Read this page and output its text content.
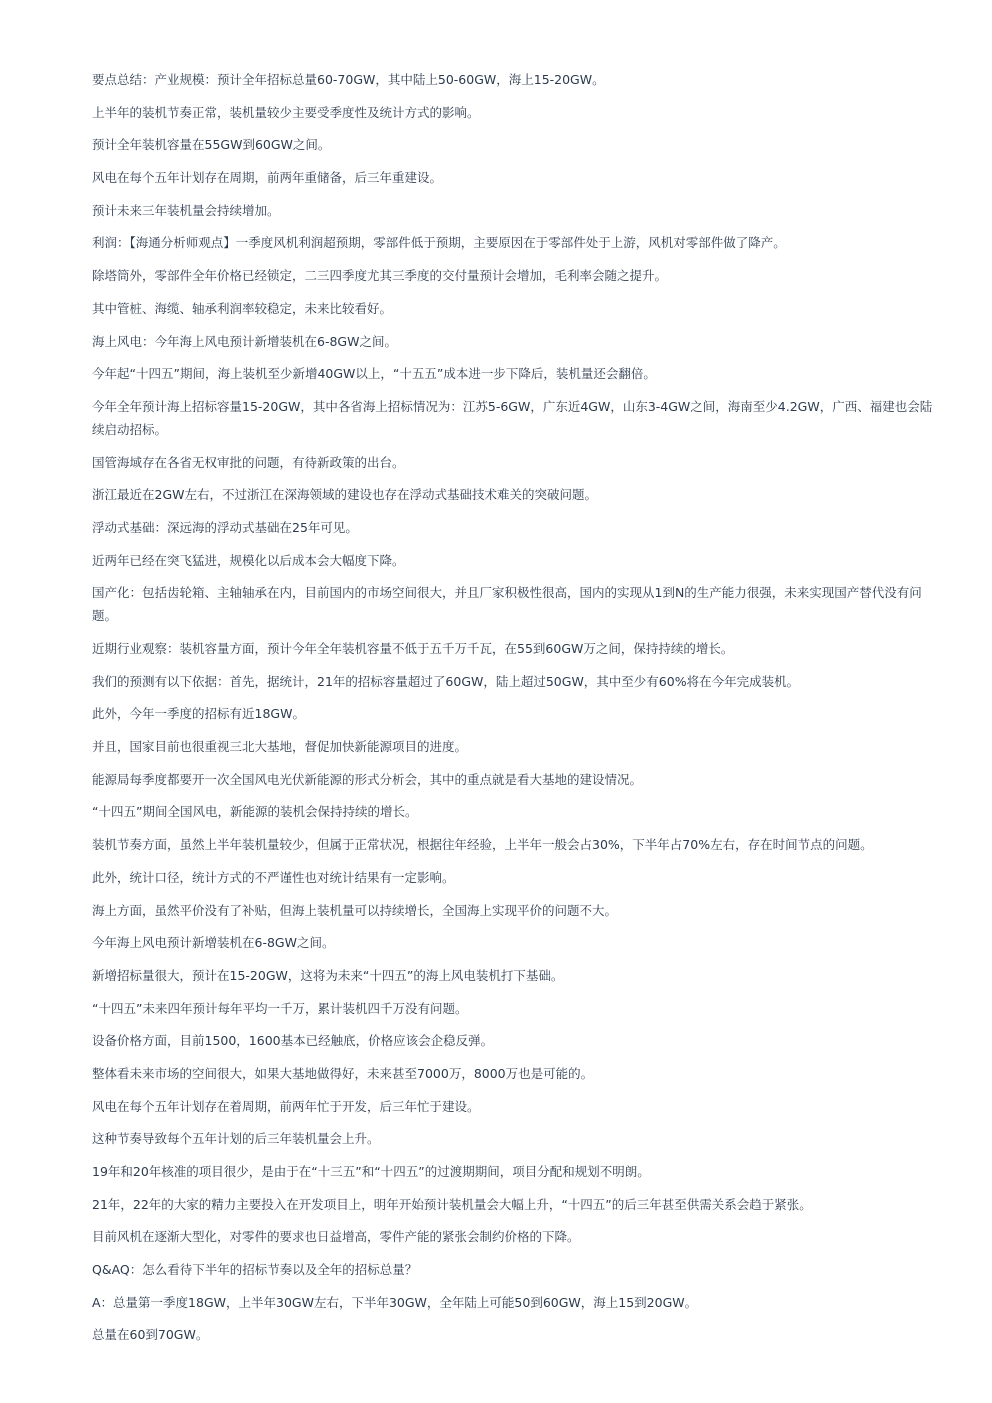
要点总结：产业规模：预计全年招标总量60-70GW，其中陆上50-60GW，海上15-20GW。

上半年的装机节奏正常，装机量较少主要受季度性及统计方式的影响。

预计全年装机容量在55GW到60GW之间。

风电在每个五年计划存在周期，前两年重储备，后三年重建设。

预计未来三年装机量会持续增加。

利润：【海通分析师观点】一季度风机利润超预期，零部件低于预期，主要原因在于零部件处于上游，风机对零部件做了降产。

除塔筒外，零部件全年价格已经锁定，二三四季度尤其三季度的交付量预计会增加，毛利率会随之提升。

其中管桩、海缆、轴承利润率较稳定，未来比较看好。

海上风电：今年海上风电预计新增装机在6-8GW之间。

今年起“十四五”期间，海上装机至少新增40GW以上，“十五五”成本进一步下降后，装机量还会翻倍。

今年全年预计海上招标容量15-20GW，其中各省海上招标情况为：江苏5-6GW，广东近4GW，山东3-4GW之间，海南至少4.2GW，广西、福建也会陆续启动招标。

国管海域存在各省无权审批的问题，有待新政策的出台。

浙江最近在2GW左右，不过浙江在深海领域的建设也存在浮动式基础技术难关的突破问题。

浮动式基础：深远海的浮动式基础在25年可见。

近两年已经在突飞猛进，规模化以后成本会大幅度下降。

国产化：包括齿轮箱、主轴轴承在内，目前国内的市场空间很大，并且厂家积极性很高，国内的实现从1到N的生产能力很强，未来实现国产替代没有问题。

近期行业观察：装机容量方面，预计今年全年装机容量不低于五千万千瓦，在55到60GW万之间，保持持续的增长。

我们的预测有以下依据：首先，据统计，21年的招标容量超过了60GW，陆上超过50GW，其中至少有60%将在今年完成装机。

此外，今年一季度的招标有近18GW。

并且，国家目前也很重视三北大基地，督促加快新能源项目的进度。

能源局每季度都要开一次全国风电光伏新能源的形式分析会，其中的重点就是看大基地的建设情况。

“十四五”期间全国风电，新能源的装机会保持持续的增长。

装机节奏方面，虽然上半年装机量较少，但属于正常状况，根据往年经验，上半年一般会占30%，下半年占70%左右，存在时间节点的问题。

此外，统计口径，统计方式的不严谨性也对统计结果有一定影响。

海上方面，虽然平价没有了补贴，但海上装机量可以持续增长，全国海上实现平价的问题不大。

今年海上风电预计新增装机在6-8GW之间。

新增招标量很大，预计在15-20GW，这将为未来“十四五”的海上风电装机打下基础。

“十四五”未来四年预计每年平均一千万，累计装机四千万没有问题。

设备价格方面，目前1500，1600基本已经触底，价格应该会企稳反弹。

整体看未来市场的空间很大，如果大基地做得好，未来甚至7000万，8000万也是可能的。

风电在每个五年计划存在着周期，前两年忙于开发，后三年忙于建设。

这种节奏导致每个五年计划的后三年装机量会上升。

19年和20年核准的项目很少，是由于在“十三五”和“十四五”的过渡期期间，项目分配和规划不明朗。

21年，22年的大家的精力主要投入在开发项目上，明年开始预计装机量会大幅上升，“十四五”的后三年甚至供需关系会趋于紧张。

目前风机在逐渐大型化，对零件的要求也日益增高，零件产能的紧张会制约价格的下降。

Q&AQ：怎么看待下半年的招标节奏以及全年的招标总量？

A：总量第一季度18GW，上半年30GW左右，下半年30GW，全年陆上可能50到60GW，海上15到20GW。

总量在60到70GW。
